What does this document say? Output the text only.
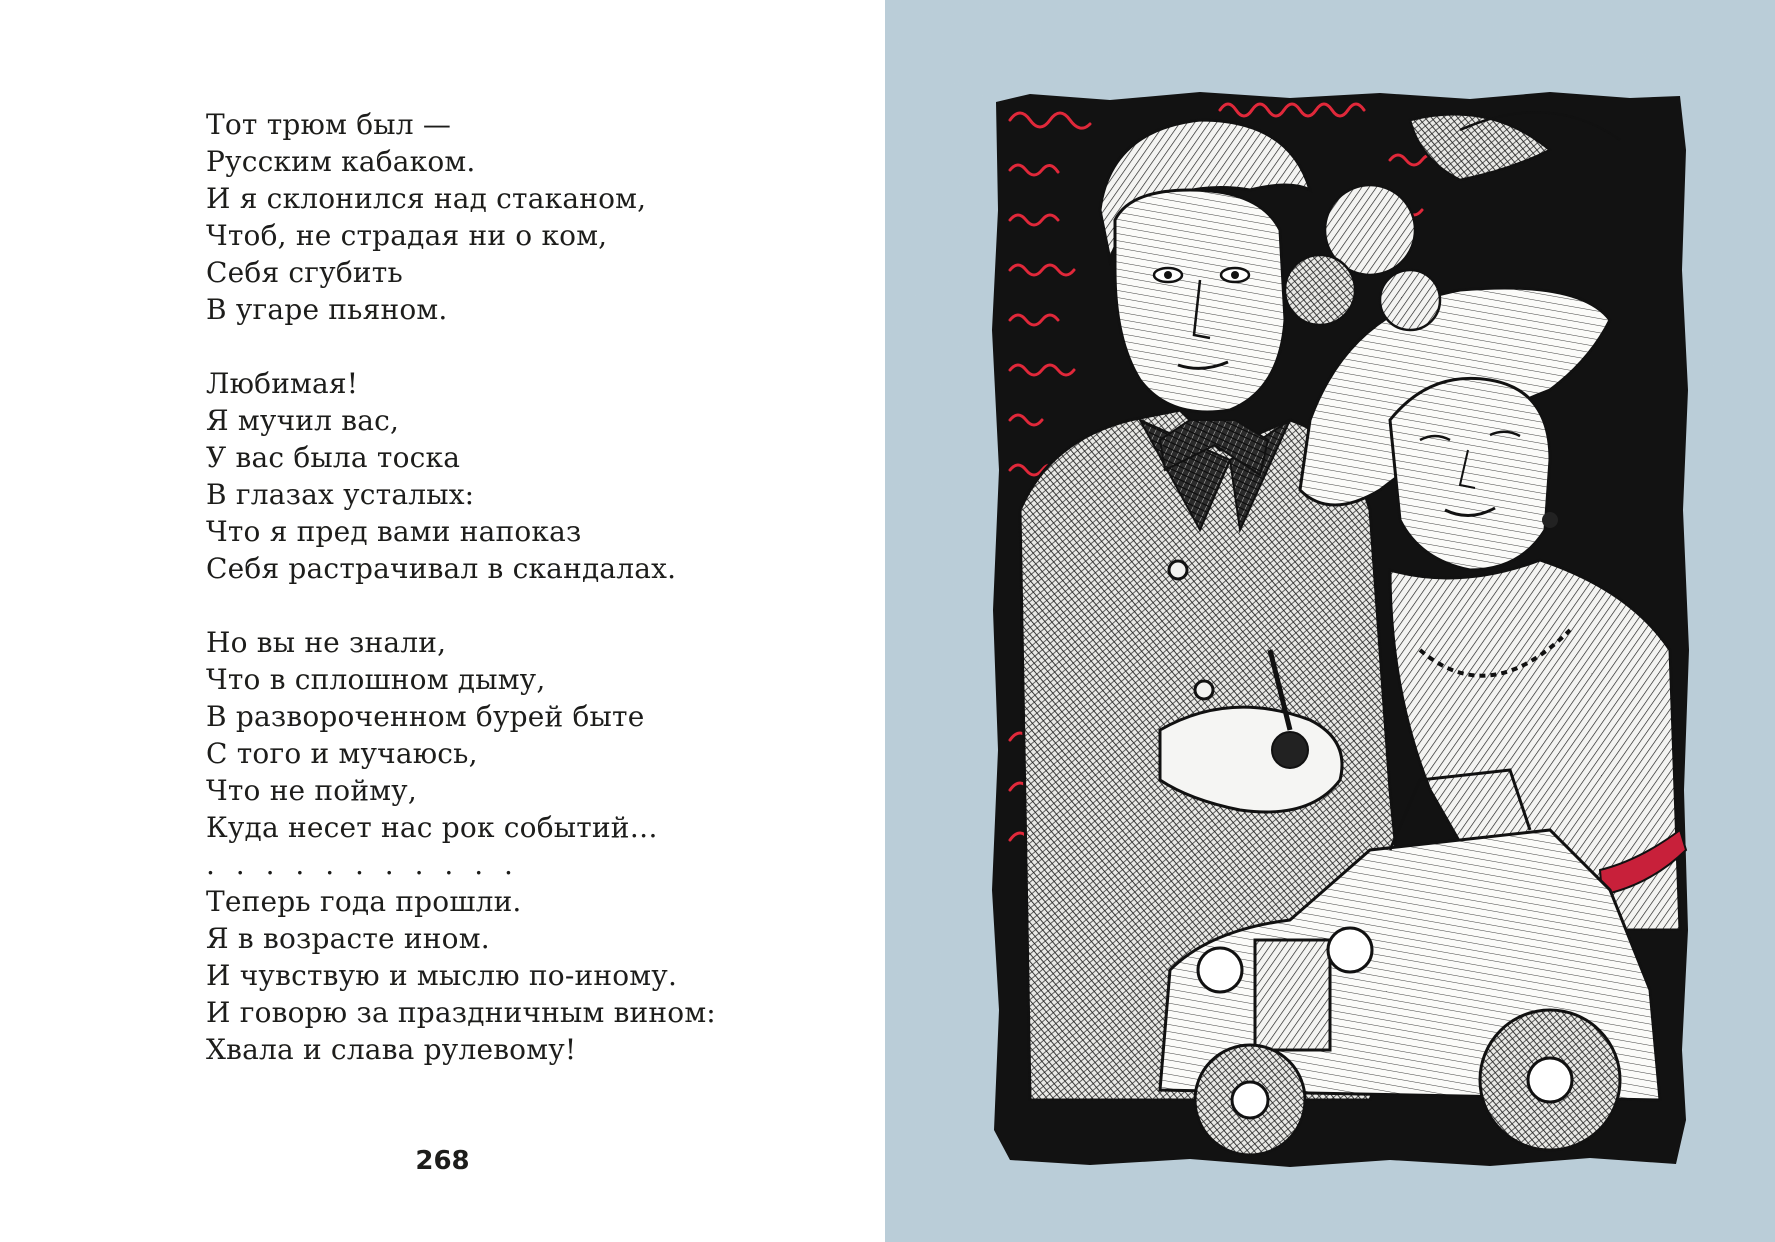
Тот трюм был —
Русским кабаком.
И я склонился над стаканом,
Чтоб, не страдая ни о ком,
Себя сгубить
В угаре пьяном.
Любимая!
Я мучил вас,
У вас была тоска
В глазах усталых:
Что я пред вами напоказ
Себя растрачивал в скандалах.
Но вы не знали,
Что в сплошном дыму,
В развороченном бурей быте
С того и мучаюсь,
Что не пойму,
Куда несет нас рок событий…
. . . . . . . . . . .
Теперь года прошли.
Я в возрасте ином.
И чувствую и мыслю по-иному.
И говорю за праздничным вином:
Хвала и слава рулевому!
268
